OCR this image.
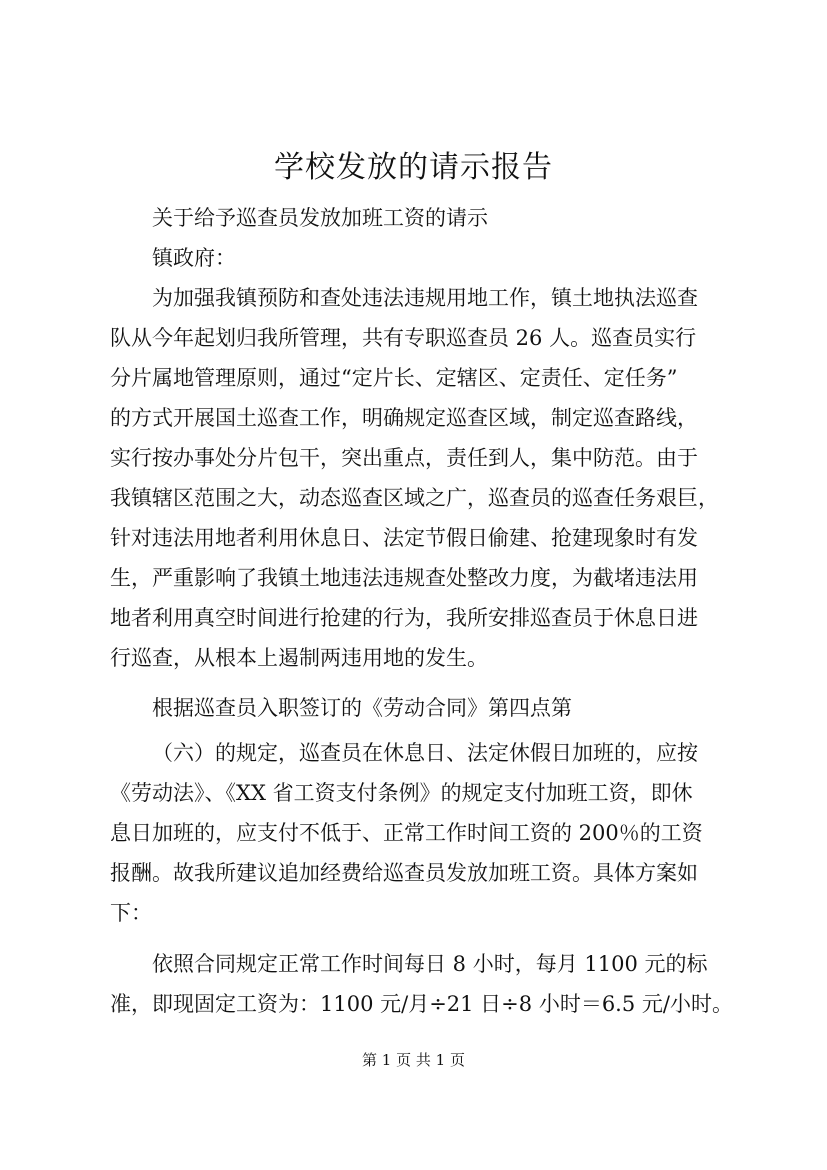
学校发放的请示报告
关于给予巡查员发放加班工资的请示
镇政府：
为加强我镇预防和查处违法违规用地工作，镇土地执法巡查
队从今年起划归我所管理，共有专职巡查员 26 人。巡查员实行
分片属地管理原则，通过“定片长、定辖区、定责任、定任务”
的方式开展国土巡查工作，明确规定巡查区域，制定巡查路线，
实行按办事处分片包干，突出重点，责任到人，集中防范。由于
我镇辖区范围之大，动态巡查区域之广，巡查员的巡查任务艰巨，
针对违法用地者利用休息日、法定节假日偷建、抢建现象时有发
生，严重影响了我镇土地违法违规查处整改力度，为截堵违法用
地者利用真空时间进行抢建的行为，我所安排巡查员于休息日进
行巡查，从根本上遏制两违用地的发生。
根据巡查员入职签订的《劳动合同》第四点第
（六）的规定，巡查员在休息日、法定休假日加班的，应按
《劳动法》、《XX 省工资支付条例》的规定支付加班工资，即休
息日加班的，应支付不低于、正常工作时间工资的 200％的工资
报酬。故我所建议追加经费给巡查员发放加班工资。具体方案如
下：
依照合同规定正常工作时间每日 8 小时，每月 1100 元的标
准，即现固定工资为：1100 元/月÷21 日÷8 小时＝6.5 元/小时。
第 1 页 共 1 页
